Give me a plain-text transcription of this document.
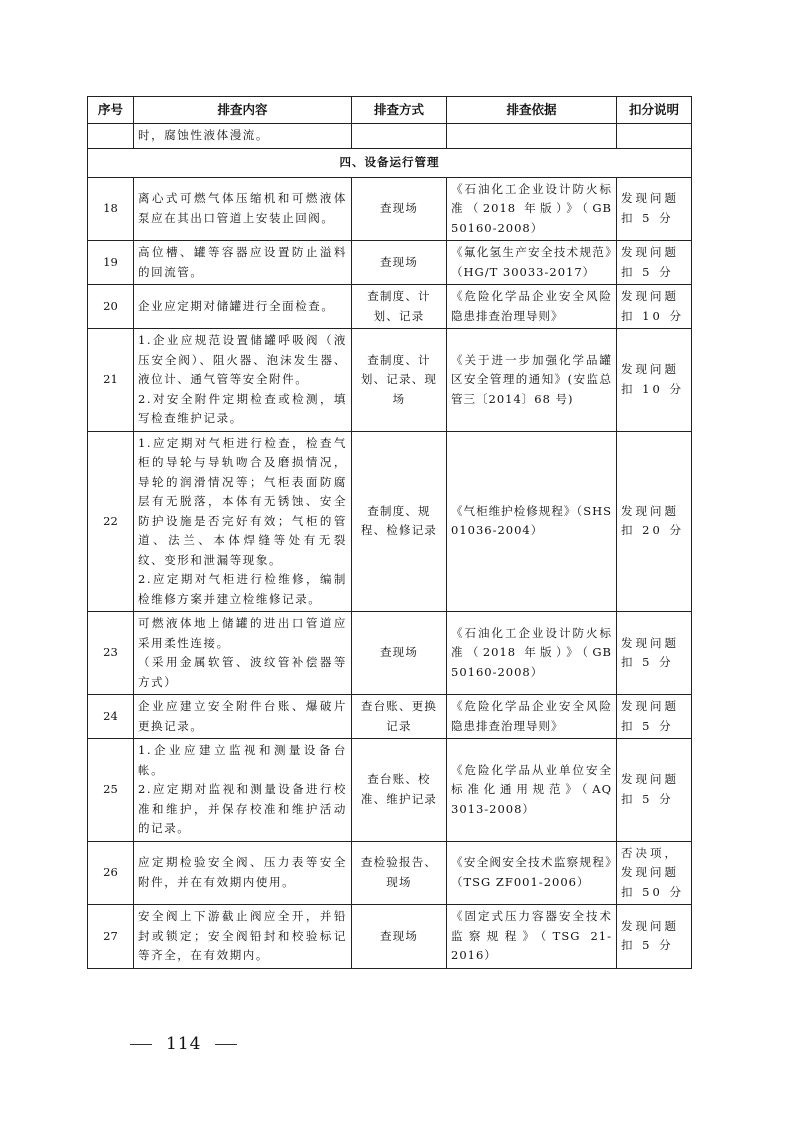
序号	排查内容	排查方式	排查依据	扣分说明
	时，腐蚀性液体漫流。			
四、设备运行管理				
18	离心式可燃气体压缩机和可燃液体泵应在其出口管道上安装止回阀。	查现场	《石油化工企业设计防火标准（2018 年版）》（GB 50160-2008）	发现问题扣 5 分
19	高位槽、罐等容器应设置防止溢料的回流管。	查现场	《氟化氢生产安全技术规范》（HG/T 30033-2017）	发现问题扣 5 分
20	企业应定期对储罐进行全面检查。	查制度、计划、记录	《危险化学品企业安全风险隐患排查治理导则》	发现问题扣 10 分
21	1.企业应规范设置储罐呼吸阀（液压安全阀）、阻火器、泡沫发生器、液位计、通气管等安全附件。
2.对安全附件定期检查或检测，填写检查维护记录。	查制度、计划、记录、现场	《关于进一步加强化学品罐区安全管理的通知》(安监总管三〔2014〕68 号)	发现问题扣 10 分
22	1.应定期对气柜进行检查，检查气柜的导轮与导轨吻合及磨损情况，导轮的润滑情况等；气柜表面防腐层有无脱落，本体有无锈蚀、安全防护设施是否完好有效；气柜的管道、法兰、本体焊缝等处有无裂纹、变形和泄漏等现象。
2.应定期对气柜进行检维修，编制检维修方案并建立检维修记录。	查制度、规程、检修记录	《气柜维护检修规程》（SHS 01036-2004）	发现问题扣 20 分
23	可燃液体地上储罐的进出口管道应采用柔性连接。
（采用金属软管、波纹管补偿器等方式）	查现场	《石油化工企业设计防火标准（2018 年版）》（GB 50160-2008）	发现问题扣 5 分
24	企业应建立安全附件台账、爆破片更换记录。	查台账、更换记录	《危险化学品企业安全风险隐患排查治理导则》	发现问题扣 5 分
25	1.企业应建立监视和测量设备台帐。
2.应定期对监视和测量设备进行校准和维护，并保存校准和维护活动的记录。	查台账、校准、维护记录	《危险化学品从业单位安全标准化通用规范》（AQ 3013-2008）	发现问题扣 5 分
26	应定期检验安全阀、压力表等安全附件，并在有效期内使用。	查检验报告、现场	《安全阀安全技术监察规程》（TSG ZF001-2006）	否决项，发现问题扣 50 分
27	安全阀上下游截止阀应全开，并铅封或锁定；安全阀铅封和校验标记等齐全，在有效期内。	查现场	《固定式压力容器安全技术监察规程》（TSG 21-2016）	发现问题扣 5 分
114
